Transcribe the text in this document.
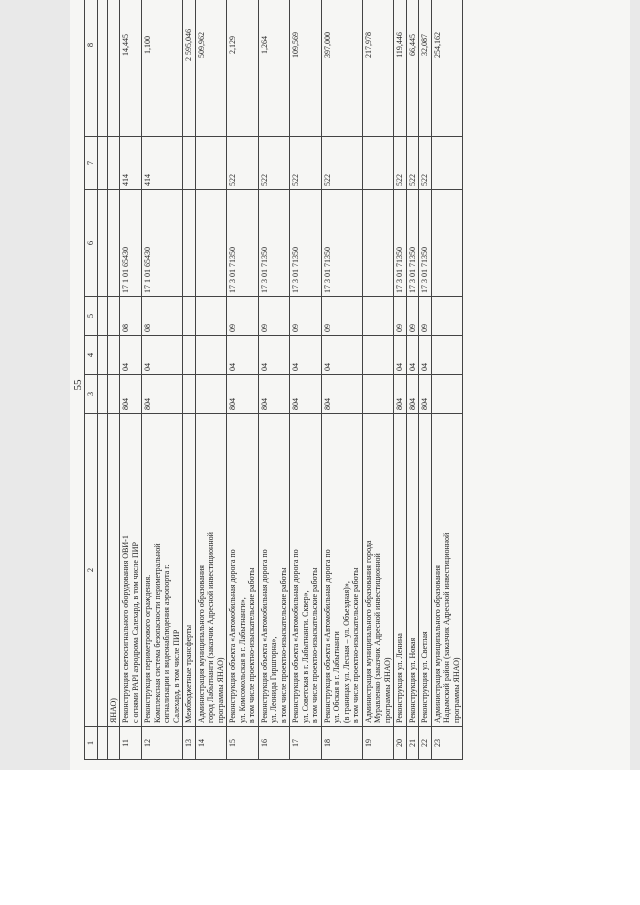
55
1	2	3	4	5	6	7	8

	ЯНАО)						

11	Реконструкция светосигнального оборудования ОВИ-1 с огнями РАРI аэродрома Салехард, в том числе ПИР	804	04	08	17 1 01 65430	414	14,445

12	Реконструкция периметрового ограждения. Комплексная система безопасности периметральной сигнализации и видеонаблюдения аэропорта г. Салехард, в том числе ПИР	804	04	08	17 1 01 65430	414	1,100

13	Межбюджетные трансферты						2 595,046

14	Администрация муниципального образования город Лабытнанги (заказчик Адресной инвестиционной программы ЯНАО)						509,962

15	Реконструкция объекта «Автомобильная дорога по ул. Комсомольская в г. Лабытнанги», в том числе проектно-изыскательские работы	804	04	09	17 3 01 71350	522	2,129

16	Реконструкция объекта «Автомобильная дорога по ул. Леонида Гиршгорна», в том числе проектно-изыскательские работы	804	04	09	17 3 01 71350	522	1,264

17	Реконструкция объекта «Автомобильная дорога по ул. Советская в г. Лабытнанги. Сквер», в том числе проектно-изыскательские работы	804	04	09	17 3 01 71350	522	109,569

18	Реконструкция объекта «Автомобильная дорога по ул. Обская в г. Лабытнанги (в границах ул. Лесная – ул. Объездная)», в том числе проектно-изыскательские работы	804	04	09	17 3 01 71350	522	397,000

19	Администрация муниципального образования города Муравленко (заказчик Адресной инвестиционной программы ЯНАО)						217,978

20	Реконструкция ул. Ленина	804	04	09	17 3 01 71350	522	119,446

21	Реконструкция ул. Новая	804	04	09	17 3 01 71350	522	66,445

22	Реконструкция ул. Светлая	804	04	09	17 3 01 71350	522	32,087

23	Администрация муниципального образования Надымский район (заказчик Адресной инвестиционной программы ЯНАО)						254,162
